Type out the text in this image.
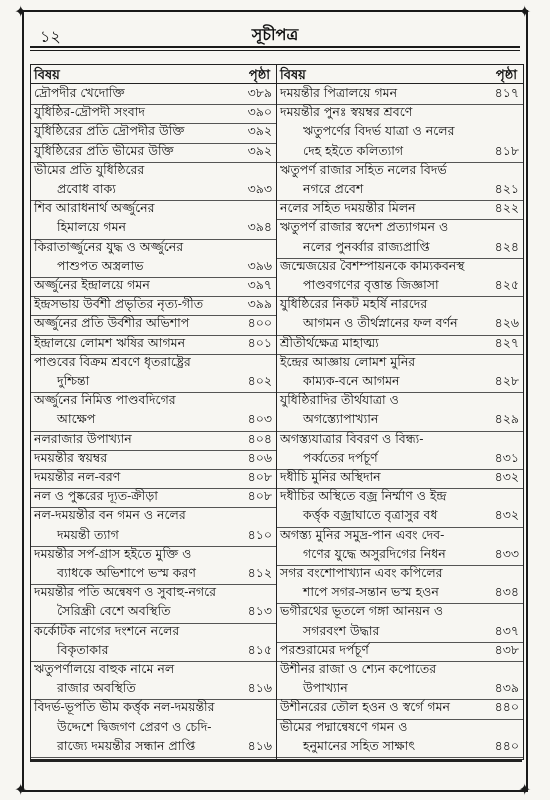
✦	✦
✦	✦
১২	সূচীপত্র
বিষয়	পৃষ্ঠা
দ্রৌপদীর খেদোক্তি	৩৮৯
যুধিষ্ঠির-দ্রৌপদী সংবাদ	৩৯০
যুধিষ্ঠিরের প্রতি দ্রৌপদীর উক্তি	৩৯২
যুধিষ্ঠিরের প্রতি ভীমের উক্তি	৩৯২
ভীমের প্রতি যুধিষ্ঠিরের
প্রবোধ বাক্য	৩৯৩
শিব আরাধনার্থ অর্জ্জুনের
হিমালয়ে গমন	৩৯৪
কিরাতার্জ্জুনের যুদ্ধ ও অর্জ্জুনের
পাশুপত অস্ত্রলাভ	৩৯৬
অর্জ্জুনের ইন্দ্রালয়ে গমন	৩৯৭
ইন্দ্রসভায় উর্বশী প্রভৃতির নৃত্য-গীত	৩৯৯
অর্জ্জুনের প্রতি উর্বশীর অভিশাপ	৪০০
ইন্দ্রালয়ে লোমশ ঋষির আগমন	৪০১
পাণ্ডবের বিক্রম শ্রবণে ধৃতরাষ্ট্রের
দুশ্চিন্তা	৪০২
অর্জ্জুনের নিমিত্ত পাণ্ডবদিগের
আক্ষেপ	৪০৩
নলরাজার উপাখ্যান	৪০৪
দময়ন্তীর স্বয়ম্বর	৪০৬
দময়ন্তীর নল-বরণ	৪০৮
নল ও পুষ্করের দ্যূত-ক্রীড়া	৪০৮
নল-দময়ন্তীর বন গমন ও নলের
দময়ন্তী ত্যাগ	৪১০
দময়ন্তীর সর্প-গ্রাস হইতে মুক্তি ও
ব্যাধকে অভিশাপে ভস্ম করণ	৪১২
দময়ন্তীর পতি অন্বেষণ ও সুবাহু-নগরে
সৈরিন্ধ্রী বেশে অবস্থিতি	৪১৩
কর্কোটক নাগের দংশনে নলের
বিকৃতাকার	৪১৫
ঋতুপর্ণালয়ে বাহুক নামে নল
রাজার অবস্থিতি	৪১৬
বিদর্ভ-ভূপতি ভীম কর্ত্তৃক নল-দময়ন্তীর
উদ্দেশে দ্বিজগণ প্রেরণ ও চেদি-
রাজ্যে দময়ন্তীর সন্ধান প্রাপ্তি	৪১৬
বিষয়	পৃষ্ঠা
দময়ন্তীর পিত্রালয়ে গমন	৪১৭
দময়ন্তীর পুনঃ স্বয়ম্বর শ্রবণে
ঋতুপর্ণের বিদর্ভ যাত্রা ও নলের
দেহ হইতে কলিত্যাগ	৪১৮
ঋতুপর্ণ রাজার সহিত নলের বিদর্ভ
নগরে প্রবেশ	৪২১
নলের সহিত দময়ন্তীর মিলন	৪২২
ঋতুপর্ণ রাজার স্বদেশ প্রত্যাগমন ও
নলের পুনর্ব্বার রাজ্যপ্রাপ্তি	৪২৪
জন্মেজয়ের বৈশম্পায়নকে কাম্যকবনস্থ
পাণ্ডবগণের বৃত্তান্ত জিজ্ঞাসা	৪২৫
যুধিষ্ঠিরের নিকট মহর্ষি নারদের
আগমন ও তীর্থস্নানের ফল বর্ণন	৪২৬
শ্রীতীর্থক্ষেত্র মাহাত্ম্য	৪২৭
ইন্দ্রের আজ্ঞায় লোমশ মুনির
কাম্যক-বনে আগমন	৪২৮
যুধিষ্ঠিরাদির তীর্থযাত্রা ও
অগস্ত্যোপাখ্যান	৪২৯
অগস্ত্যযাত্রার বিবরণ ও বিন্ধ্য-
পর্ব্বতের দর্পচূর্ণ	৪৩১
দধীচি মুনির অস্থিদান	৪৩২
দধীচির অস্থিতে বজ্র নির্ম্মাণ ও ইন্দ্র
কর্ত্তৃক বজ্রাঘাতে বৃত্রাসুর বধ	৪৩২
অগস্ত্য মুনির সমুদ্র-পান এবং দেব-
গণের যুদ্ধে অসুরদিগের নিধন	৪৩৩
সগর বংশোপাখ্যান এবং কপিলের
শাপে সগর-সন্তান ভস্ম হওন	৪৩৪
ভগীরথের ভূতলে গঙ্গা আনয়ন ও
সগরবংশ উদ্ধার	৪৩৭
পরশুরামের দর্পচূর্ণ	৪৩৮
উশীনর রাজা ও শ্যেন কপোতের
উপাখ্যান	৪৩৯
উশীনরের তৌল হওন ও স্বর্গে গমন	৪৪০
ভীমের পদ্মান্বেষণে গমন ও
হনুমানের সহিত সাক্ষাৎ	৪৪০
